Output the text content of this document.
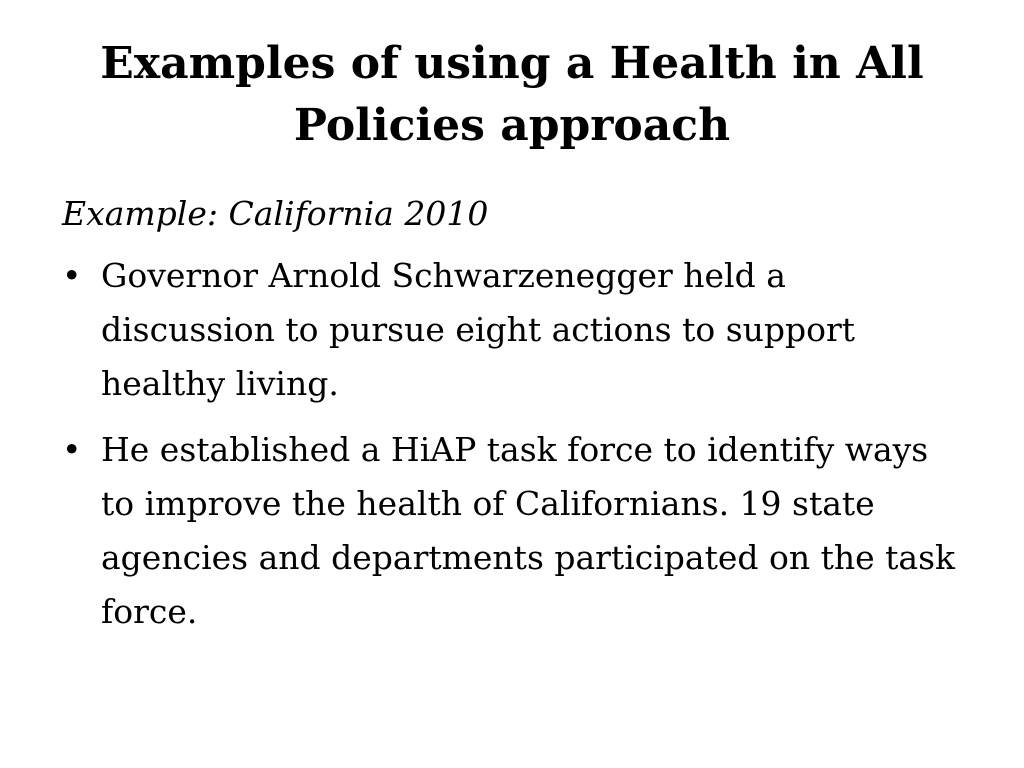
Examples of using a Health in All Policies approach

Example: California 2010

• Governor Arnold Schwarzenegger held a discussion to pursue eight actions to support healthy living.
• He established a HiAP task force to identify ways to improve the health of Californians. 19 state agencies and departments participated on the task force.
